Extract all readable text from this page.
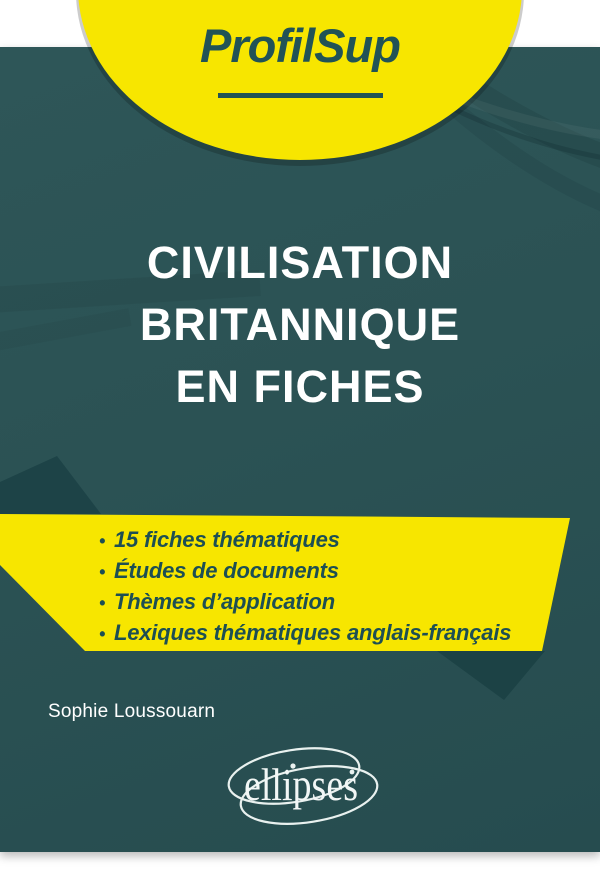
CIVILISATION
BRITANNIQUE
EN FICHES
• 15 fiches thématiques
• Études de documents
• Thèmes d’application
• Lexiques thématiques anglais-français
Sophie Loussouarn
ellipses
ProfilSup
